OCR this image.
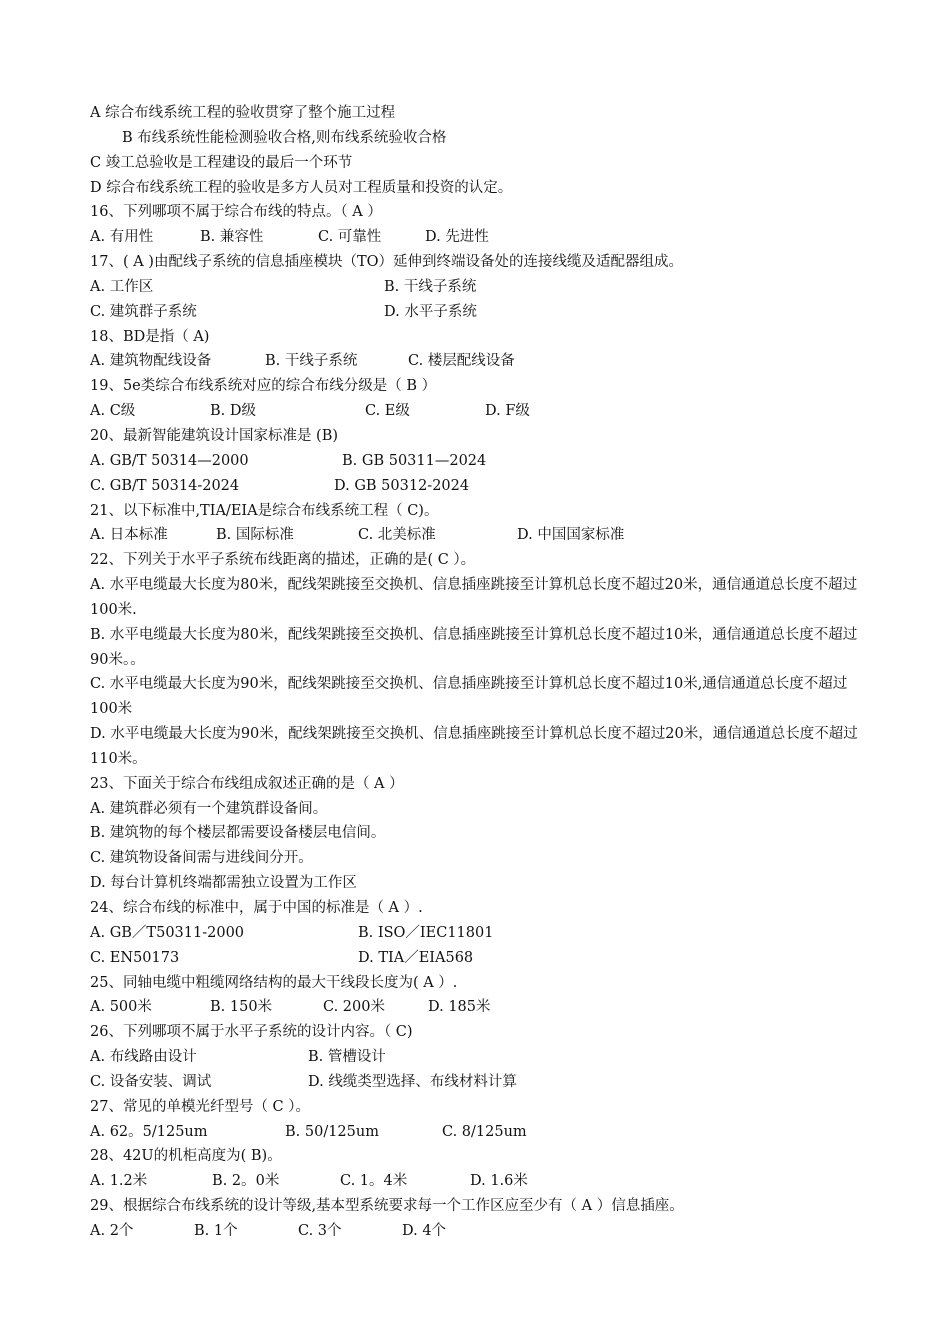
A 综合布线系统工程的验收贯穿了整个施工过程
B 布线系统性能检测验收合格,则布线系统验收合格
C 竣工总验收是工程建设的最后一个环节
D 综合布线系统工程的验收是多方人员对工程质量和投资的认定。
16、下列哪项不属于综合布线的特点。（ A ）
A. 有用性	B. 兼容性	C. 可靠性	D. 先进性
17、( A )由配线子系统的信息插座模块（TO）延伸到终端设备处的连接线缆及适配器组成。
A. 工作区	B. 干线子系统
C. 建筑群子系统	D. 水平子系统
18、BD是指（ A)
A. 建筑物配线设备	B. 干线子系统	C. 楼层配线设备
19、5e类综合布线系统对应的综合布线分级是（ B ）
A. C级	B. D级	C. E级	D. F级
20、最新智能建筑设计国家标准是 (B)
A. GB/T 50314—2000	B. GB 50311—2024
C. GB/T 50314-2024	D. GB 50312-2024
21、以下标准中,TIA/EIA是综合布线系统工程（ C)。
A. 日本标准	B. 国际标准	C. 北美标准	D. 中国国家标准
22、下列关于水平子系统布线距离的描述，正确的是( C ）。
A. 水平电缆最大长度为80米，配线架跳接至交换机、信息插座跳接至计算机总长度不超过20米，通信通道总长度不超过100米.
B. 水平电缆最大长度为80米，配线架跳接至交换机、信息插座跳接至计算机总长度不超过10米，通信通道总长度不超过90米。。
C. 水平电缆最大长度为90米，配线架跳接至交换机、信息插座跳接至计算机总长度不超过10米,通信通道总长度不超过100米
D. 水平电缆最大长度为90米，配线架跳接至交换机、信息插座跳接至计算机总长度不超过20米，通信通道总长度不超过110米。
23、下面关于综合布线组成叙述正确的是（ A ）
A. 建筑群必须有一个建筑群设备间。
B. 建筑物的每个楼层都需要设备楼层电信间。
C. 建筑物设备间需与进线间分开。
D. 每台计算机终端都需独立设置为工作区
24、综合布线的标准中，属于中国的标准是（ A ）.
A. GB／T50311-2000	B. ISO／IEC11801
C. EN50173	D. TIA／EIA568
25、同轴电缆中粗缆网络结构的最大干线段长度为( A ）.
A. 500米	B. 150米	C. 200米	D. 185米
26、下列哪项不属于水平子系统的设计内容。（ C)
A. 布线路由设计	B. 管槽设计
C. 设备安装、调试	D. 线缆类型选择、布线材料计算
27、常见的单模光纤型号（ C ）。
A. 62。5/125um	B. 50/125um	C. 8/125um
28、42U的机柜高度为( B)。
A. 1.2米	B. 2。0米	C. 1。4米	D. 1.6米
29、根据综合布线系统的设计等级,基本型系统要求每一个工作区应至少有（ A ）信息插座。
A. 2个	B. 1个	C. 3个	D. 4个
